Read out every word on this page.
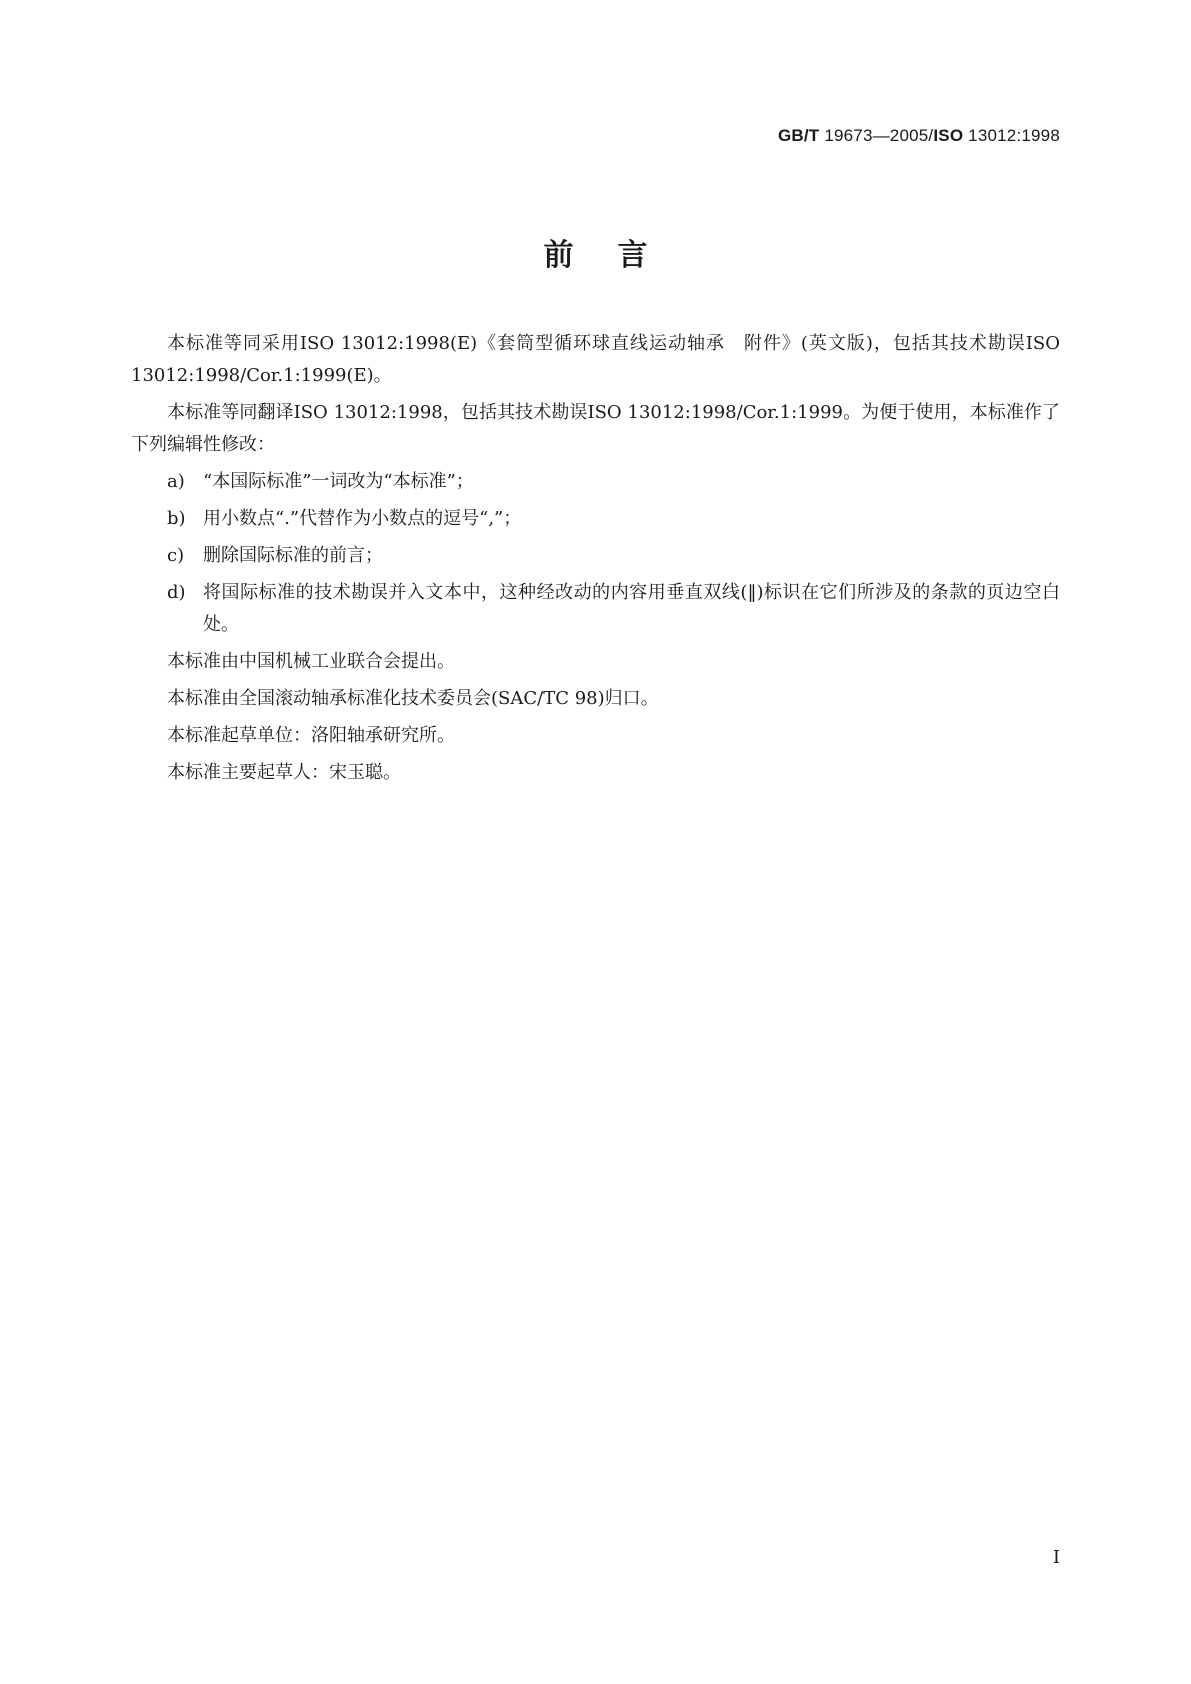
GB/T 19673—2005/ISO 13012:1998
前言

本标准等同采用ISO 13012:1998(E)《套筒型循环球直线运动轴承　附件》(英文版)，包括其技术勘误ISO 13012:1998/Cor.1:1999(E)。

本标准等同翻译ISO 13012:1998，包括其技术勘误ISO 13012:1998/Cor.1:1999。为便于使用，本标准作了下列编辑性修改：

a)	“本国际标准”一词改为“本标准”；
b) 用小数点“.”代替作为小数点的逗号“,”；
c)	删除国际标准的前言；
d) 将国际标准的技术勘误并入文本中，这种经改动的内容用垂直双线(‖)标识在它们所涉及的条款的页边空白处。

本标准由中国机械工业联合会提出。

本标准由全国滚动轴承标准化技术委员会(SAC/TC 98)归口。

本标准起草单位：洛阳轴承研究所。

本标准主要起草人：宋玉聪。

I
